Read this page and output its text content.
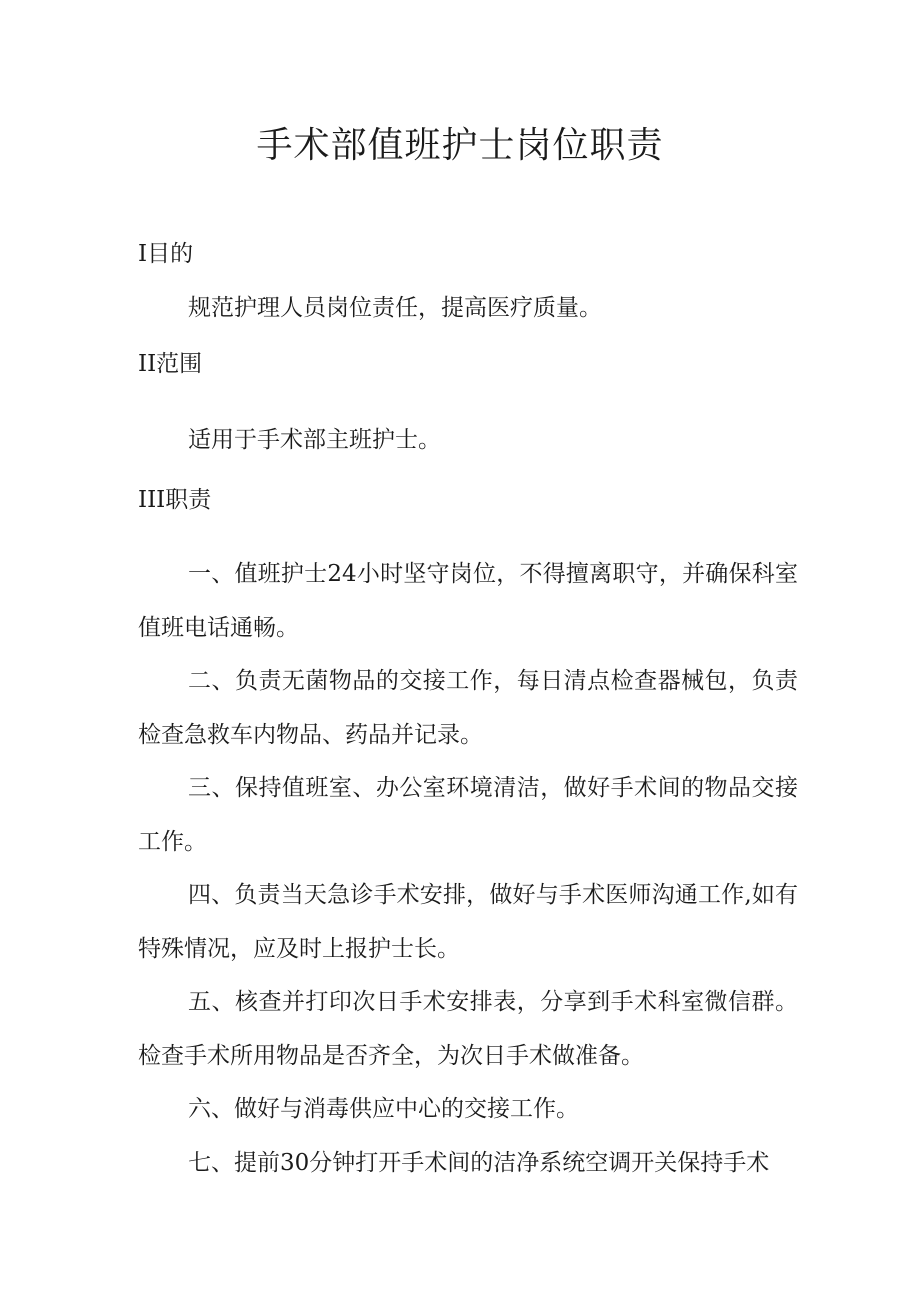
手术部值班护士岗位职责
I目的

规范护理人员岗位责任，提高医疗质量。

II范围

适用于手术部主班护士。

III职责

一、值班护士24小时坚守岗位，不得擅离职守，并确保科室值班电话通畅。

二、负责无菌物品的交接工作，每日清点检查器械包，负责检查急救车内物品、药品并记录。

三、保持值班室、办公室环境清洁，做好手术间的物品交接工作。

四、负责当天急诊手术安排，做好与手术医师沟通工作,如有特殊情况，应及时上报护士长。

五、核查并打印次日手术安排表，分享到手术科室微信群。检查手术所用物品是否齐全，为次日手术做准备。

六、做好与消毒供应中心的交接工作。

七、提前30分钟打开手术间的洁净系统空调开关保持手术
